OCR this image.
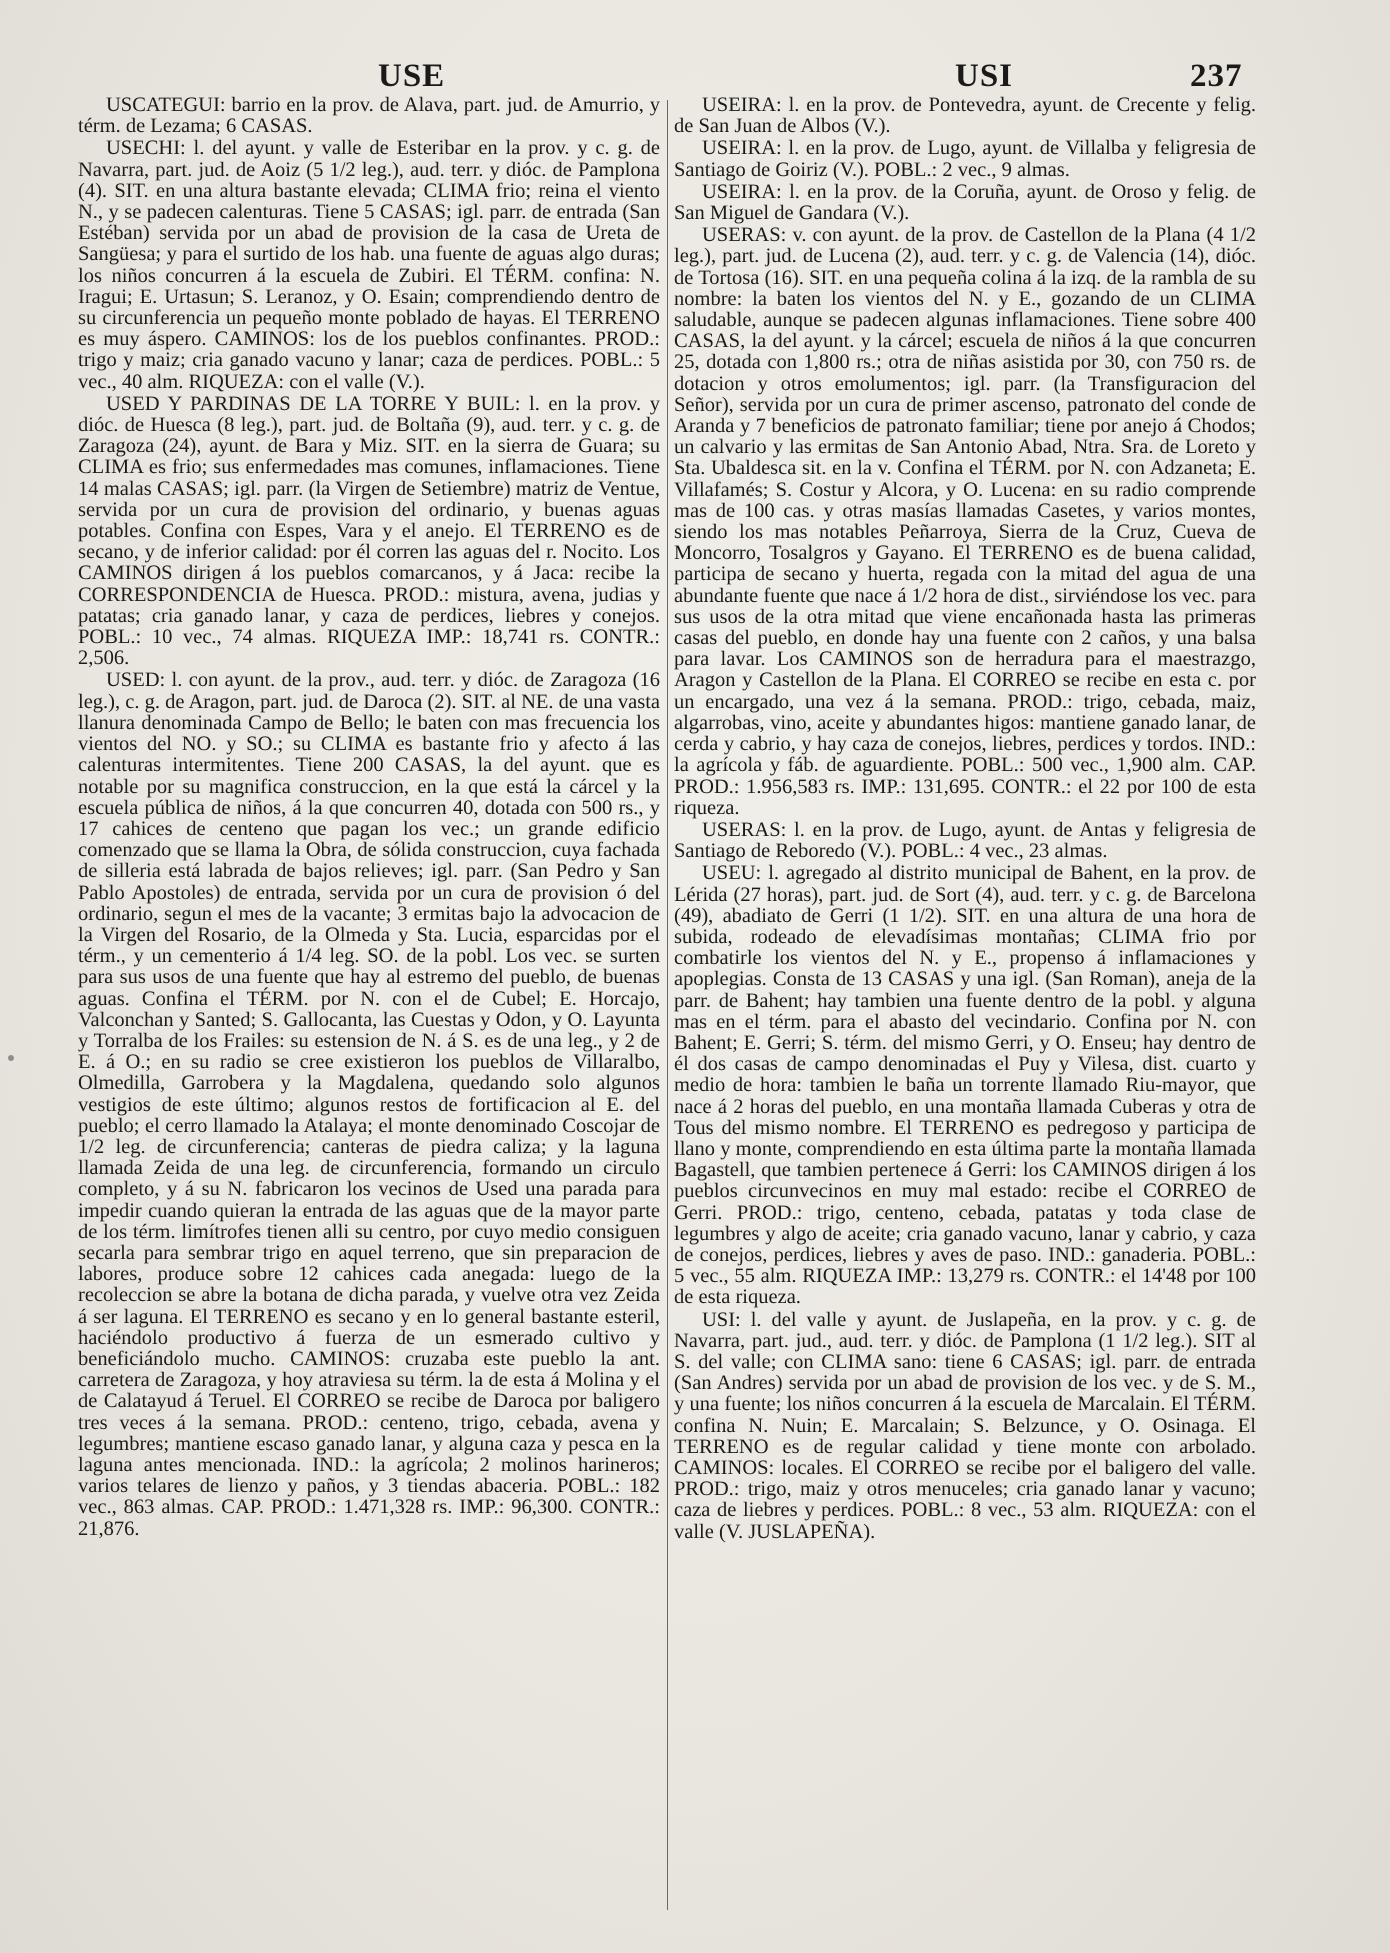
USE	USI	237

USCATEGUI: barrio en la prov. de Alava, part. jud. de Amurrio, y térm. de Lezama; 6 CASAS.

USECHI: l. del ayunt. y valle de Esteribar en la prov. y c. g. de Navarra, part. jud. de Aoiz (5 1/2 leg.), aud. terr. y dióc. de Pamplona (4). SIT. en una altura bastante elevada; CLIMA frio; reina el viento N., y se padecen calenturas. Tiene 5 CASAS; igl. parr. de entrada (San Estéban) servida por un abad de provision de la casa de Ureta de Sangüesa; y para el surtido de los hab. una fuente de aguas algo duras; los niños concurren á la escuela de Zubiri. El TÉRM. confina: N. Iragui; E. Urtasun; S. Leranoz, y O. Esain; comprendiendo dentro de su circunferencia un pequeño monte poblado de hayas. El TERRENO es muy áspero. CAMINOS: los de los pueblos confinantes. PROD.: trigo y maiz; cria ganado vacuno y lanar; caza de perdices. POBL.: 5 vec., 40 alm. RIQUEZA: con el valle (V.).

USED Y PARDINAS DE LA TORRE Y BUIL: l. en la prov. y dióc. de Huesca (8 leg.), part. jud. de Boltaña (9), aud. terr. y c. g. de Zaragoza (24), ayunt. de Bara y Miz. SIT. en la sierra de Guara; su CLIMA es frio; sus enfermedades mas comunes, inflamaciones. Tiene 14 malas CASAS; igl. parr. (la Virgen de Setiembre) matriz de Ventue, servida por un cura de provision del ordinario, y buenas aguas potables. Confina con Espes, Vara y el anejo. El TERRENO es de secano, y de inferior calidad: por él corren las aguas del r. Nocito. Los CAMINOS dirigen á los pueblos comarcanos, y á Jaca: recibe la CORRESPONDENCIA de Huesca. PROD.: mistura, avena, judias y patatas; cria ganado lanar, y caza de perdices, liebres y conejos. POBL.: 10 vec., 74 almas. RIQUEZA IMP.: 18,741 rs. CONTR.: 2,506.

USED: l. con ayunt. de la prov., aud. terr. y dióc. de Zaragoza (16 leg.), c. g. de Aragon, part. jud. de Daroca (2). SIT. al NE. de una vasta llanura denominada Campo de Bello; le baten con mas frecuencia los vientos del NO. y SO.; su CLIMA es bastante frio y afecto á las calenturas intermitentes. Tiene 200 CASAS, la del ayunt. que es notable por su magnifica construccion, en la que está la cárcel y la escuela pública de niños, á la que concurren 40, dotada con 500 rs., y 17 cahices de centeno que pagan los vec.; un grande edificio comenzado que se llama la Obra, de sólida construccion, cuya fachada de silleria está labrada de bajos relieves; igl. parr. (San Pedro y San Pablo Apostoles) de entrada, servida por un cura de provision ó del ordinario, segun el mes de la vacante; 3 ermitas bajo la advocacion de la Virgen del Rosario, de la Olmeda y Sta. Lucia, esparcidas por el térm., y un cementerio á 1/4 leg. SO. de la pobl. Los vec. se surten para sus usos de una fuente que hay al estremo del pueblo, de buenas aguas. Confina el TÉRM. por N. con el de Cubel; E. Horcajo, Valconchan y Santed; S. Gallocanta, las Cuestas y Odon, y O. Layunta y Torralba de los Frailes: su estension de N. á S. es de una leg., y 2 de E. á O.; en su radio se cree existieron los pueblos de Villaralbo, Olmedilla, Garrobera y la Magdalena, quedando solo algunos vestigios de este último; algunos restos de fortificacion al E. del pueblo; el cerro llamado la Atalaya; el monte denominado Coscojar de 1/2 leg. de circunferencia; canteras de piedra caliza; y la laguna llamada Zeida de una leg. de circunferencia, formando un circulo completo, y á su N. fabricaron los vecinos de Used una parada para impedir cuando quieran la entrada de las aguas que de la mayor parte de los térm. limítrofes tienen alli su centro, por cuyo medio consiguen secarla para sembrar trigo en aquel terreno, que sin preparacion de labores, produce sobre 12 cahices cada anegada: luego de la recoleccion se abre la botana de dicha parada, y vuelve otra vez Zeida á ser laguna. El TERRENO es secano y en lo general bastante esteril, haciéndolo productivo á fuerza de un esmerado cultivo y beneficiándolo mucho. CAMINOS: cruzaba este pueblo la ant. carretera de Zaragoza, y hoy atraviesa su térm. la de esta á Molina y el de Calatayud á Teruel. El CORREO se recibe de Daroca por baligero tres veces á la semana. PROD.: centeno, trigo, cebada, avena y legumbres; mantiene escaso ganado lanar, y alguna caza y pesca en la laguna antes mencionada. IND.: la agrícola; 2 molinos harineros; varios telares de lienzo y paños, y 3 tiendas abaceria. POBL.: 182 vec., 863 almas. CAP. PROD.: 1.471,328 rs. IMP.: 96,300. CONTR.: 21,876.

USEIRA: l. en la prov. de Pontevedra, ayunt. de Crecente y felig. de San Juan de Albos (V.).

USEIRA: l. en la prov. de Lugo, ayunt. de Villalba y feligresia de Santiago de Goiriz (V.). POBL.: 2 vec., 9 almas.

USEIRA: l. en la prov. de la Coruña, ayunt. de Oroso y felig. de San Miguel de Gandara (V.).

USERAS: v. con ayunt. de la prov. de Castellon de la Plana (4 1/2 leg.), part. jud. de Lucena (2), aud. terr. y c. g. de Valencia (14), dióc. de Tortosa (16). SIT. en una pequeña colina á la izq. de la rambla de su nombre: la baten los vientos del N. y E., gozando de un CLIMA saludable, aunque se padecen algunas inflamaciones. Tiene sobre 400 CASAS, la del ayunt. y la cárcel; escuela de niños á la que concurren 25, dotada con 1,800 rs.; otra de niñas asistida por 30, con 750 rs. de dotacion y otros emolumentos; igl. parr. (la Transfiguracion del Señor), servida por un cura de primer ascenso, patronato del conde de Aranda y 7 beneficios de patronato familiar; tiene por anejo á Chodos; un calvario y las ermitas de San Antonio Abad, Ntra. Sra. de Loreto y Sta. Ubaldesca sit. en la v. Confina el TÉRM. por N. con Adzaneta; E. Villafamés; S. Costur y Alcora, y O. Lucena: en su radio comprende mas de 100 cas. y otras masías llamadas Casetes, y varios montes, siendo los mas notables Peñarroya, Sierra de la Cruz, Cueva de Moncorro, Tosalgros y Gayano. El TERRENO es de buena calidad, participa de secano y huerta, regada con la mitad del agua de una abundante fuente que nace á 1/2 hora de dist., sirviéndose los vec. para sus usos de la otra mitad que viene encañonada hasta las primeras casas del pueblo, en donde hay una fuente con 2 caños, y una balsa para lavar. Los CAMINOS son de herradura para el maestrazgo, Aragon y Castellon de la Plana. El CORREO se recibe en esta c. por un encargado, una vez á la semana. PROD.: trigo, cebada, maiz, algarrobas, vino, aceite y abundantes higos: mantiene ganado lanar, de cerda y cabrio, y hay caza de conejos, liebres, perdices y tordos. IND.: la agrícola y fáb. de aguardiente. POBL.: 500 vec., 1,900 alm. CAP. PROD.: 1.956,583 rs. IMP.: 131,695. CONTR.: el 22 por 100 de esta riqueza.

USERAS: l. en la prov. de Lugo, ayunt. de Antas y feligresia de Santiago de Reboredo (V.). POBL.: 4 vec., 23 almas.

USEU: l. agregado al distrito municipal de Bahent, en la prov. de Lérida (27 horas), part. jud. de Sort (4), aud. terr. y c. g. de Barcelona (49), abadiato de Gerri (1 1/2). SIT. en una altura de una hora de subida, rodeado de elevadísimas montañas; CLIMA frio por combatirle los vientos del N. y E., propenso á inflamaciones y apoplegias. Consta de 13 CASAS y una igl. (San Roman), aneja de la parr. de Bahent; hay tambien una fuente dentro de la pobl. y alguna mas en el térm. para el abasto del vecindario. Confina por N. con Bahent; E. Gerri; S. térm. del mismo Gerri, y O. Enseu; hay dentro de él dos casas de campo denominadas el Puy y Vilesa, dist. cuarto y medio de hora: tambien le baña un torrente llamado Riu-mayor, que nace á 2 horas del pueblo, en una montaña llamada Cuberas y otra de Tous del mismo nombre. El TERRENO es pedregoso y participa de llano y monte, comprendiendo en esta última parte la montaña llamada Bagastell, que tambien pertenece á Gerri: los CAMINOS dirigen á los pueblos circunvecinos en muy mal estado: recibe el CORREO de Gerri. PROD.: trigo, centeno, cebada, patatas y toda clase de legumbres y algo de aceite; cria ganado vacuno, lanar y cabrio, y caza de conejos, perdices, liebres y aves de paso. IND.: ganaderia. POBL.: 5 vec., 55 alm. RIQUEZA IMP.: 13,279 rs. CONTR.: el 14'48 por 100 de esta riqueza.

USI: l. del valle y ayunt. de Juslapeña, en la prov. y c. g. de Navarra, part. jud., aud. terr. y dióc. de Pamplona (1 1/2 leg.). SIT al S. del valle; con CLIMA sano: tiene 6 CASAS; igl. parr. de entrada (San Andres) servida por un abad de provision de los vec. y de S. M., y una fuente; los niños concurren á la escuela de Marcalain. El TÉRM. confina N. Nuin; E. Marcalain; S. Belzunce, y O. Osinaga. El TERRENO es de regular calidad y tiene monte con arbolado. CAMINOS: locales. El CORREO se recibe por el baligero del valle. PROD.: trigo, maiz y otros menuceles; cria ganado lanar y vacuno; caza de liebres y perdices. POBL.: 8 vec., 53 alm. RIQUEZA: con el valle (V. JUSLAPEÑA).
